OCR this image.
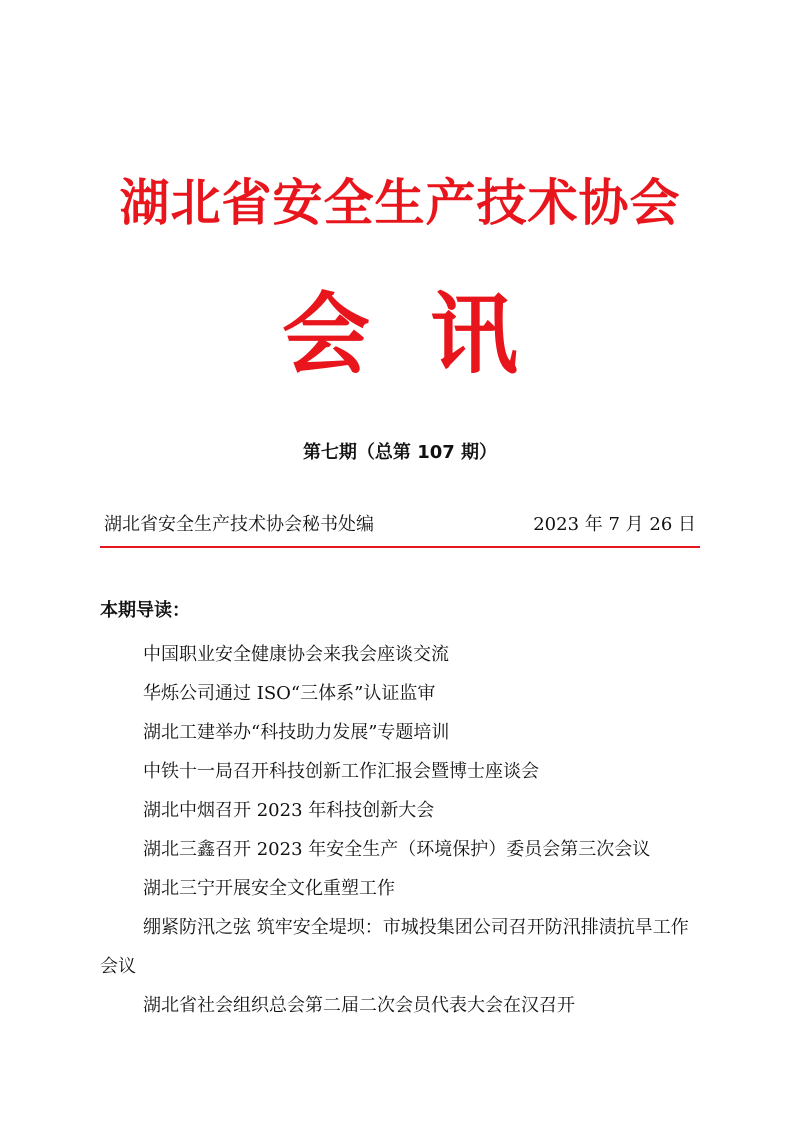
湖北省安全生产技术协会
会讯
第七期（总第 107 期）
湖北省安全生产技术协会秘书处编	2023 年 7 月 26 日
本期导读：
中国职业安全健康协会来我会座谈交流
华烁公司通过 ISO“三体系”认证监审
湖北工建举办“科技助力发展”专题培训
中铁十一局召开科技创新工作汇报会暨博士座谈会
湖北中烟召开 2023 年科技创新大会
湖北三鑫召开 2023 年安全生产（环境保护）委员会第三次会议
湖北三宁开展安全文化重塑工作
绷紧防汛之弦 筑牢安全堤坝：市城投集团公司召开防汛排渍抗旱工作会议
湖北省社会组织总会第二届二次会员代表大会在汉召开
